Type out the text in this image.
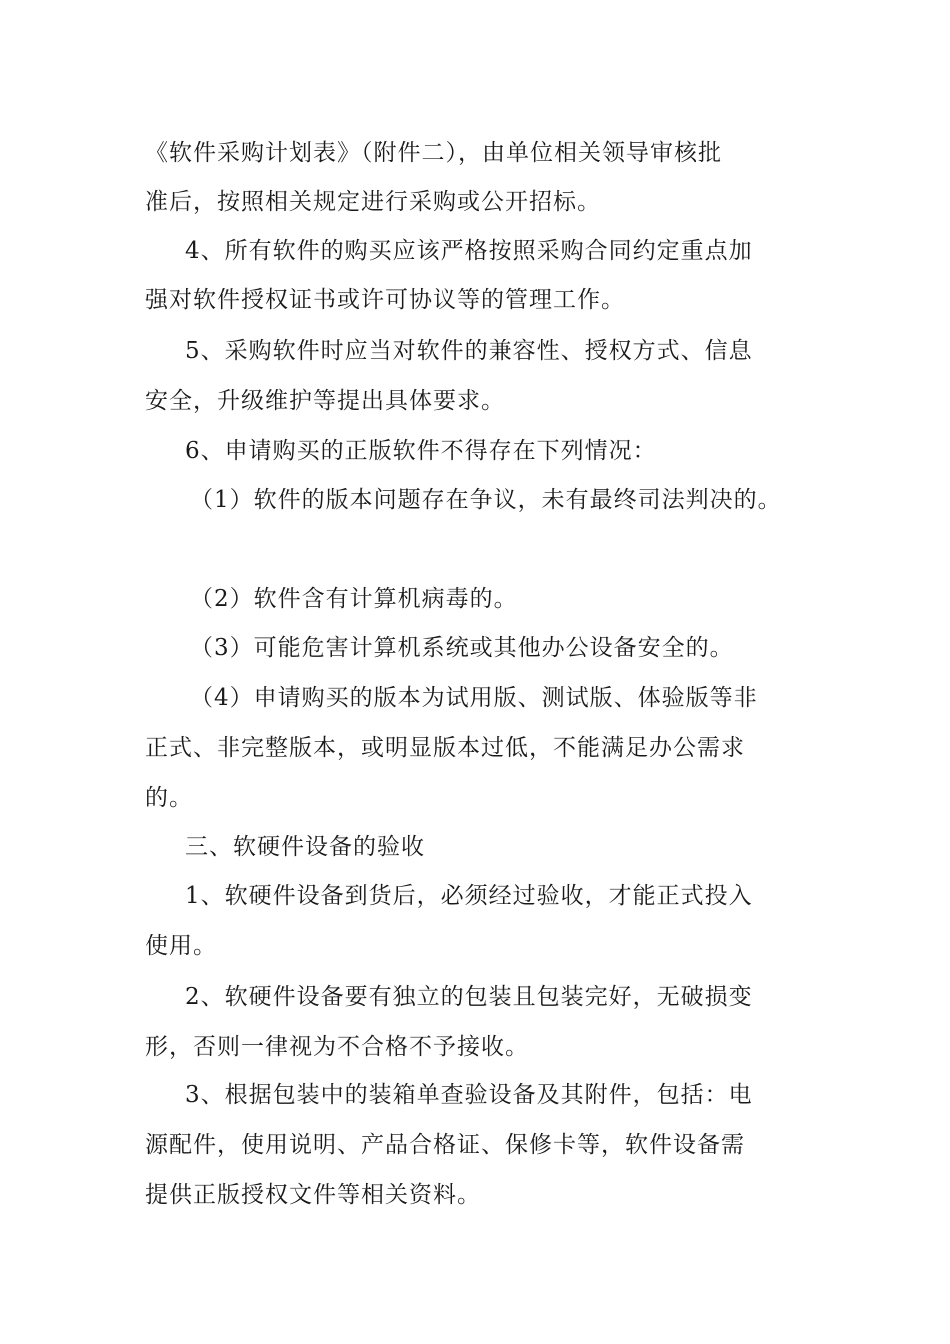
《软件采购计划表》（附件二），由单位相关领导审核批
准后，按照相关规定进行采购或公开招标。
4、所有软件的购买应该严格按照采购合同约定重点加
强对软件授权证书或许可协议等的管理工作。
5、采购软件时应当对软件的兼容性、授权方式、信息
安全，升级维护等提出具体要求。
6、申请购买的正版软件不得存在下列情况：
（1）软件的版本问题存在争议，未有最终司法判决的。
（2）软件含有计算机病毒的。
（3）可能危害计算机系统或其他办公设备安全的。
（4）申请购买的版本为试用版、测试版、体验版等非
正式、非完整版本，或明显版本过低，不能满足办公需求
的。
三、软硬件设备的验收
1、软硬件设备到货后，必须经过验收，才能正式投入
使用。
2、软硬件设备要有独立的包装且包装完好，无破损变
形，否则一律视为不合格不予接收。
3、根据包装中的装箱单查验设备及其附件，包括：电
源配件，使用说明、产品合格证、保修卡等，软件设备需
提供正版授权文件等相关资料。
